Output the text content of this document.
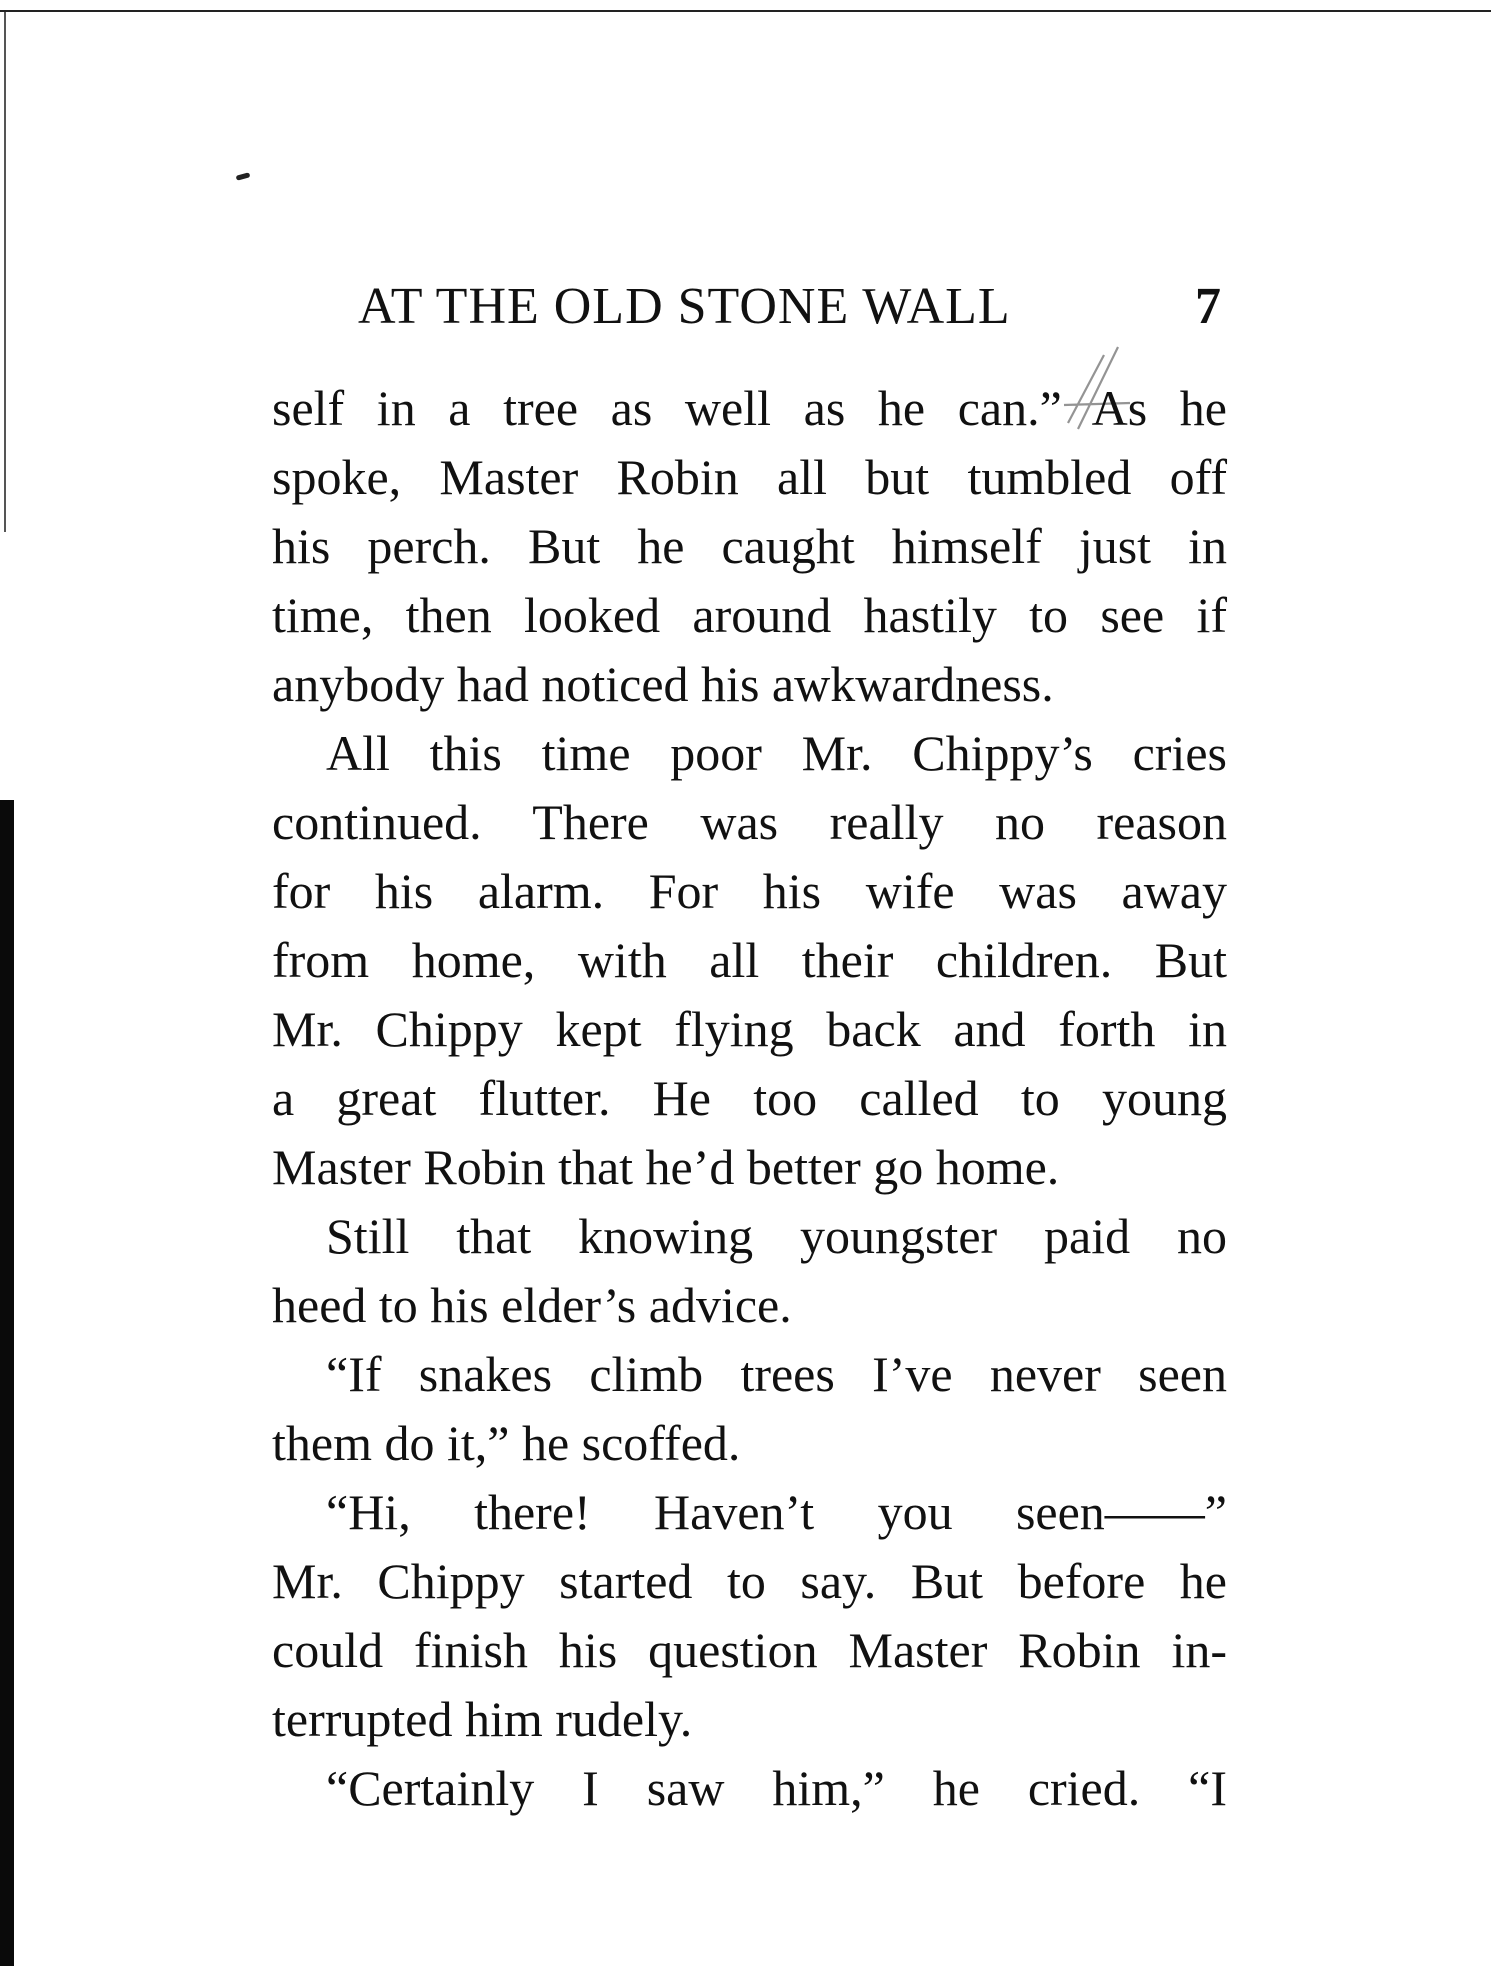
AT THE OLD STONE WALL	7
self in a tree as well as he can.” As he
spoke, Master Robin all but tumbled off
his perch. But he caught himself just in
time, then looked around hastily to see if
anybody had noticed his awkwardness.
All this time poor Mr. Chippy’s cries
continued. There was really no reason
for his alarm. For his wife was away
from home, with all their children. But
Mr. Chippy kept flying back and forth in
a great flutter. He too called to young
Master Robin that he’d better go home.
Still that knowing youngster paid no
heed to his elder’s advice.
“If snakes climb trees I’ve never seen
them do it,” he scoffed.
“Hi, there! Haven’t you seen——”
Mr. Chippy started to say. But before he
could finish his question Master Robin in-
terrupted him rudely.
“Certainly I saw him,” he cried. “I
